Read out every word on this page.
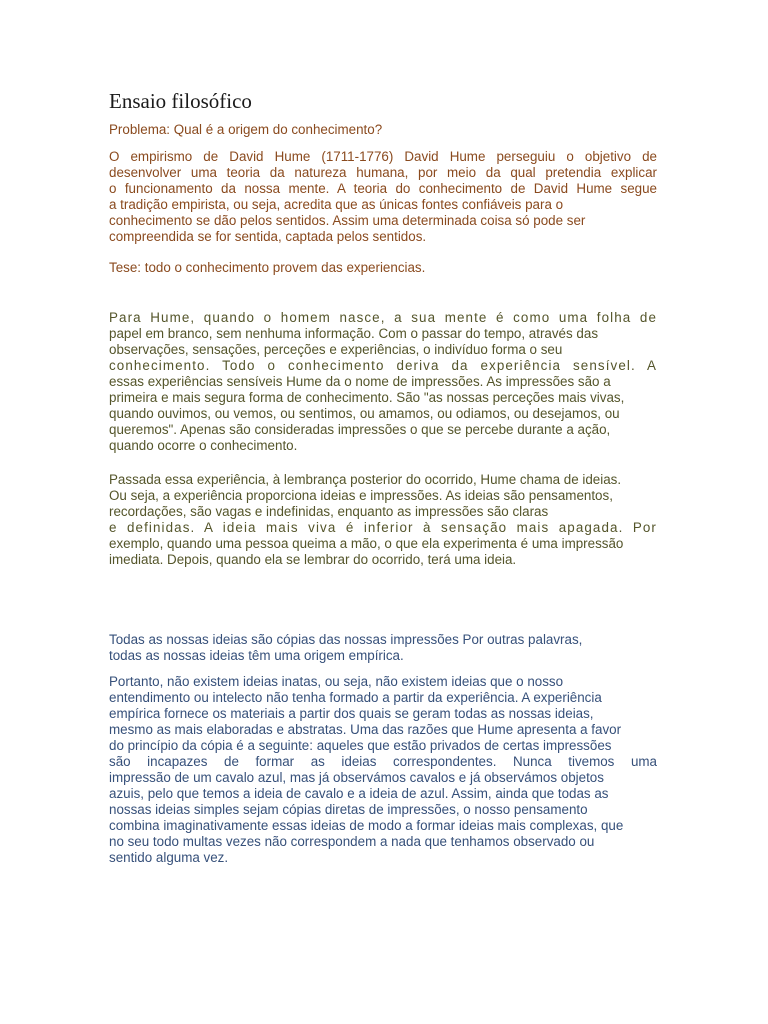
Ensaio filosófico

Problema: Qual é a origem do conhecimento?

O empirismo de David Hume (1711-1776) David Hume perseguiu o objetivo de
desenvolver uma teoria da natureza humana, por meio da qual pretendia explicar
o funcionamento da nossa mente. A teoria do conhecimento de David Hume segue
a tradição empirista, ou seja, acredita que as únicas fontes confiáveis para o
conhecimento se dão pelos sentidos. Assim uma determinada coisa só pode ser
compreendida se for sentida, captada pelos sentidos.

Tese: todo o conhecimento provem das experiencias.

Para Hume, quando o homem nasce, a sua mente é como uma folha de
papel em branco, sem nenhuma informação. Com o passar do tempo, através das
observações, sensações, perceções e experiências, o indivíduo forma o seu
conhecimento. Todo o conhecimento deriva da experiência sensível. A
essas experiências sensíveis Hume da o nome de impressões. As impressões são a
primeira e mais segura forma de conhecimento. São "as nossas perceções mais vivas,
quando ouvimos, ou vemos, ou sentimos, ou amamos, ou odiamos, ou desejamos, ou
queremos". Apenas são consideradas impressões o que se percebe durante a ação,
quando ocorre o conhecimento.
Passada essa experiência, à lembrança posterior do ocorrido, Hume chama de ideias.
Ou seja, a experiência proporciona ideias e impressões. As ideias são pensamentos,
recordações, são vagas e indefinidas, enquanto as impressões são claras
e definidas. A ideia mais viva é inferior à sensação mais apagada. Por
exemplo, quando uma pessoa queima a mão, o que ela experimenta é uma impressão
imediata. Depois, quando ela se lembrar do ocorrido, terá uma ideia.
Todas as nossas ideias são cópias das nossas impressões Por outras palavras,
todas as nossas ideias têm uma origem empírica.
Portanto, não existem ideias inatas, ou seja, não existem ideias que o nosso
entendimento ou intelecto não tenha formado a partir da experiência. A experiência
empírica fornece os materiais a partir dos quais se geram todas as nossas ideias,
mesmo as mais elaboradas e abstratas. Uma das razões que Hume apresenta a favor
do princípio da cópia é a seguinte: aqueles que estão privados de certas impressões
são incapazes de formar as ideias correspondentes. Nunca tivemos uma
impressão de um cavalo azul, mas já observámos cavalos e já observámos objetos
azuis, pelo que temos a ideia de cavalo e a ideia de azul. Assim, ainda que todas as
nossas ideias simples sejam cópias diretas de impressões, o nosso pensamento
combina imaginativamente essas ideias de modo a formar ideias mais complexas, que
no seu todo multas vezes não correspondem a nada que tenhamos observado ou
sentido alguma vez.
